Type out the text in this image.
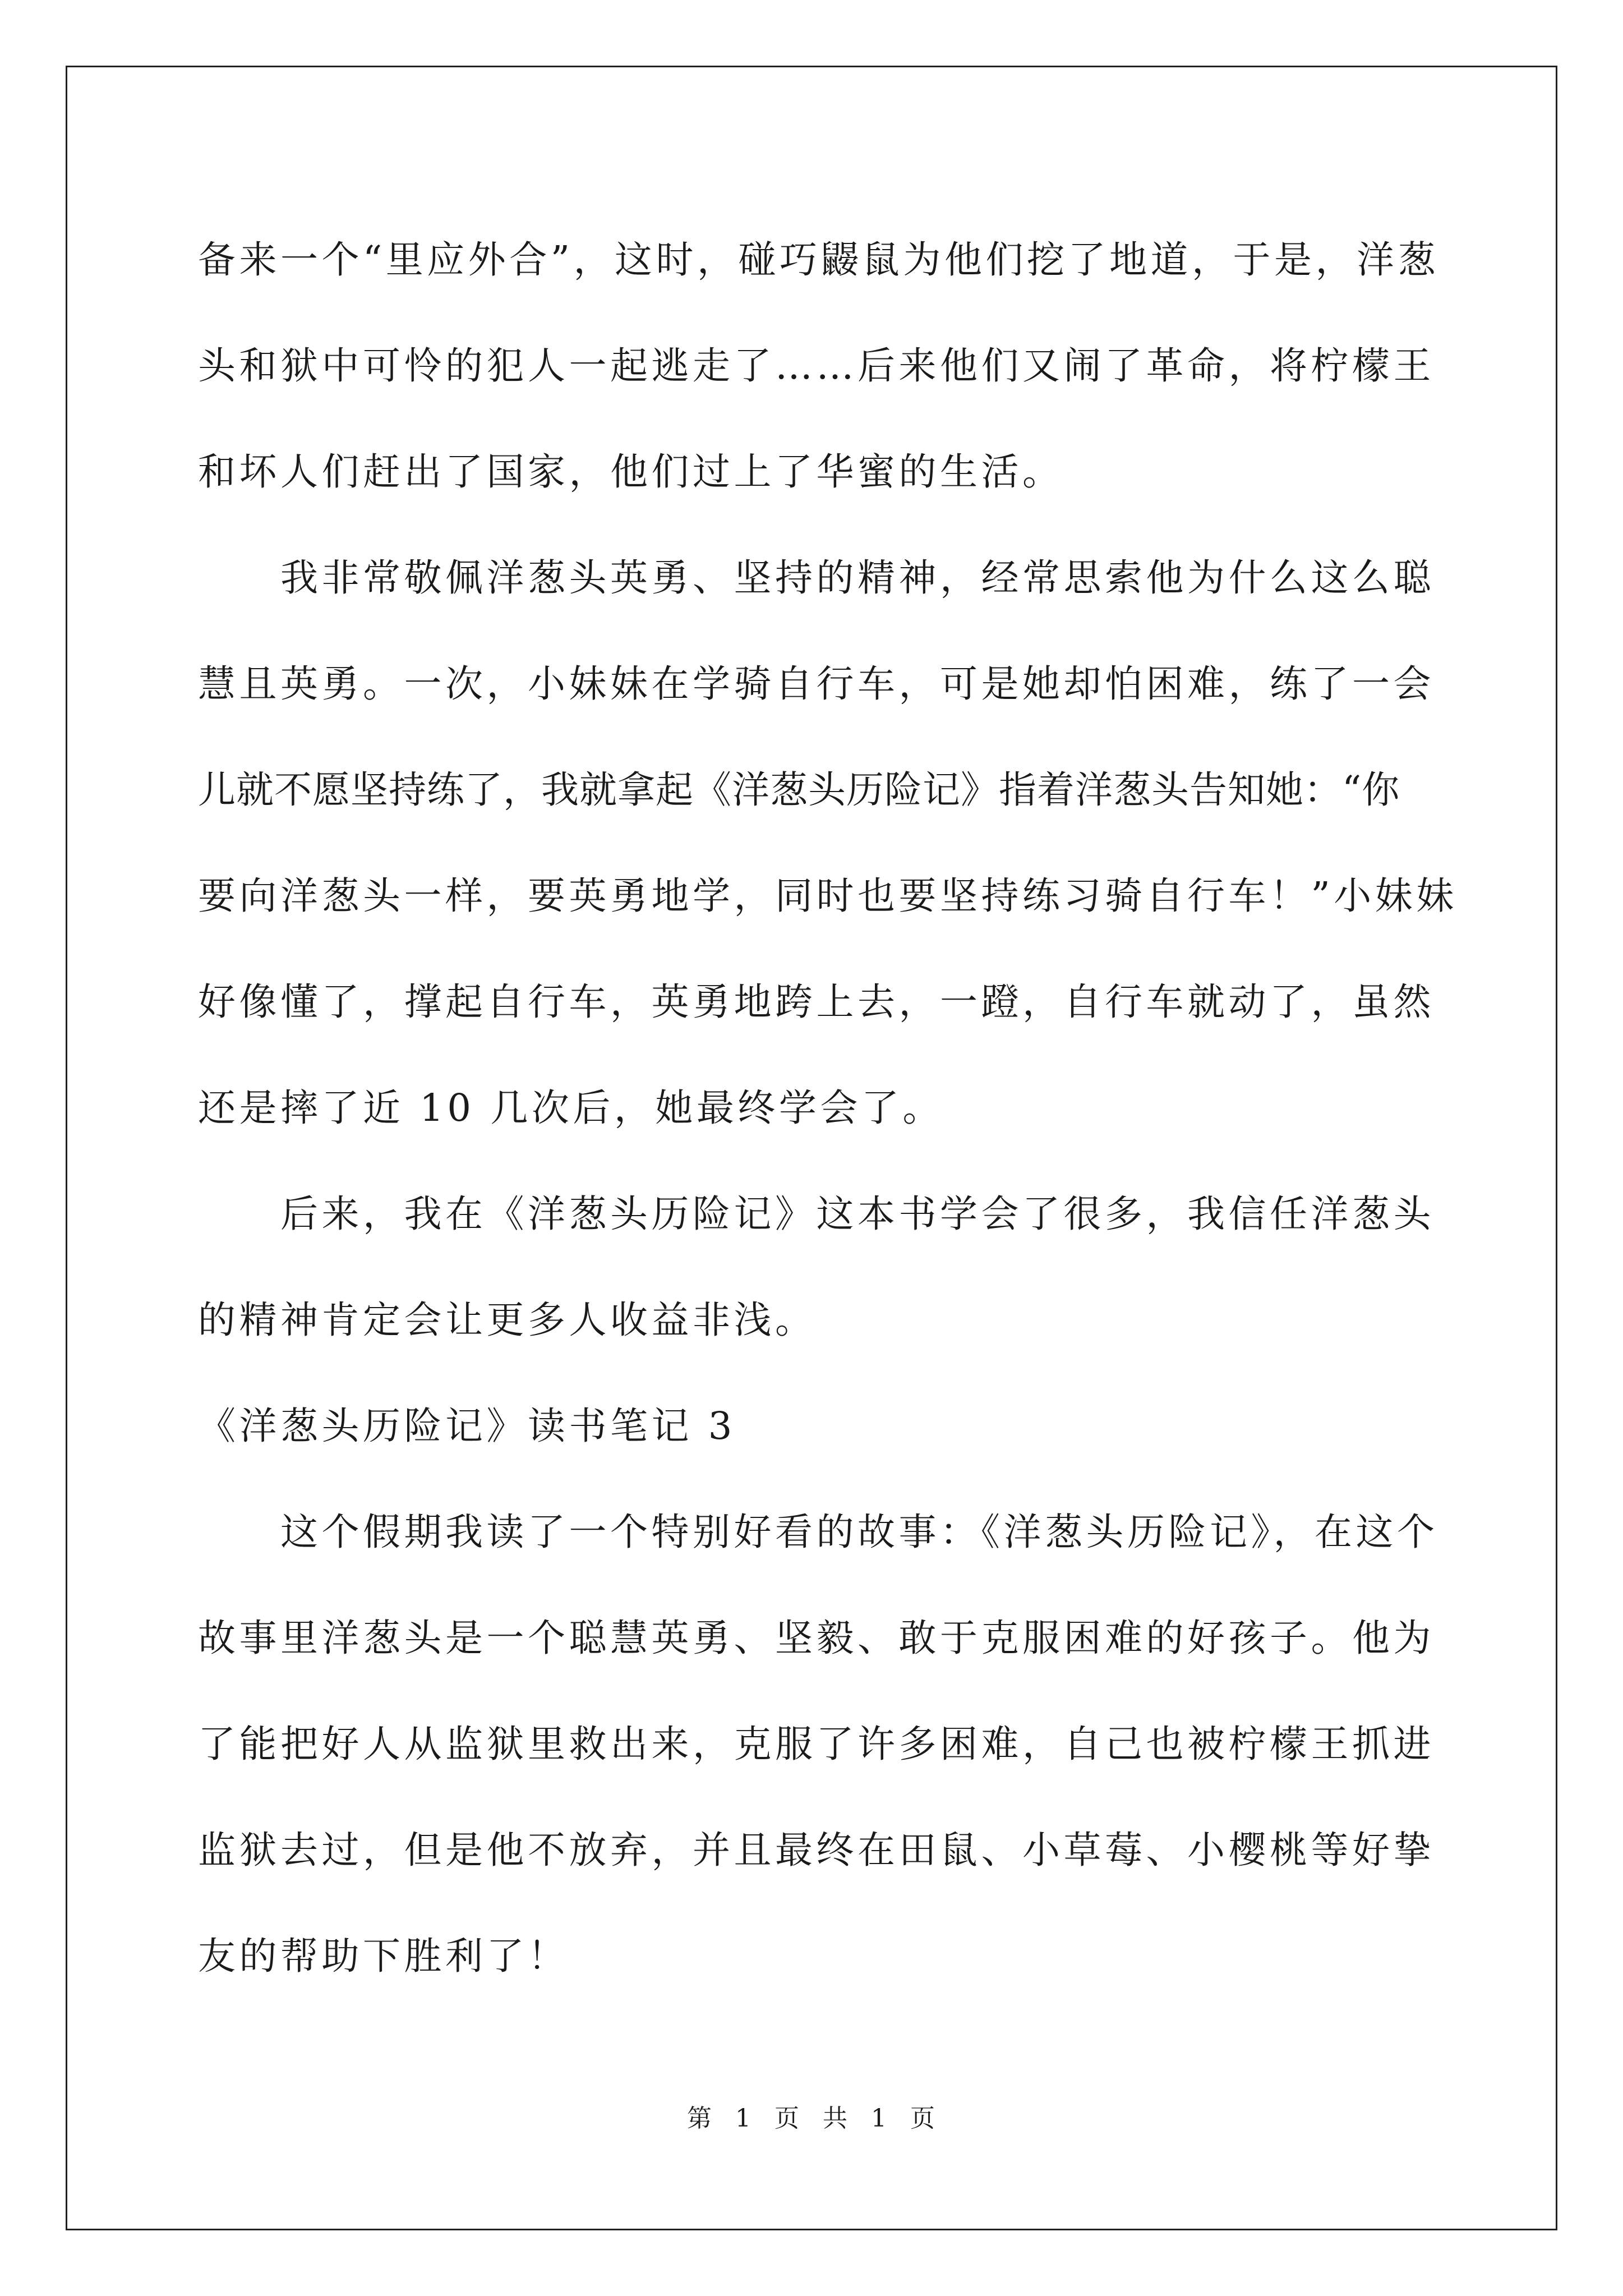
备来一个“里应外合”，这时，碰巧鼹鼠为他们挖了地道，于是，洋葱
头和狱中可怜的犯人一起逃走了……后来他们又闹了革命，将柠檬王
和坏人们赶出了国家，他们过上了华蜜的生活。

我非常敬佩洋葱头英勇、坚持的精神，经常思索他为什么这么聪
慧且英勇。一次，小妹妹在学骑自行车，可是她却怕困难，练了一会
儿就不愿坚持练了，我就拿起《洋葱头历险记》指着洋葱头告知她：“你
要向洋葱头一样，要英勇地学，同时也要坚持练习骑自行车！”小妹妹
好像懂了，撑起自行车，英勇地跨上去，一蹬，自行车就动了，虽然
还是摔了近 10 几次后，她最终学会了。

后来，我在《洋葱头历险记》这本书学会了很多，我信任洋葱头
的精神肯定会让更多人收益非浅。

《洋葱头历险记》读书笔记 3

这个假期我读了一个特别好看的故事：《洋葱头历险记》，在这个
故事里洋葱头是一个聪慧英勇、坚毅、敢于克服困难的好孩子。他为
了能把好人从监狱里救出来，克服了许多困难，自己也被柠檬王抓进
监狱去过，但是他不放弃，并且最终在田鼠、小草莓、小樱桃等好挚
友的帮助下胜利了！

第 1 页 共 1 页
